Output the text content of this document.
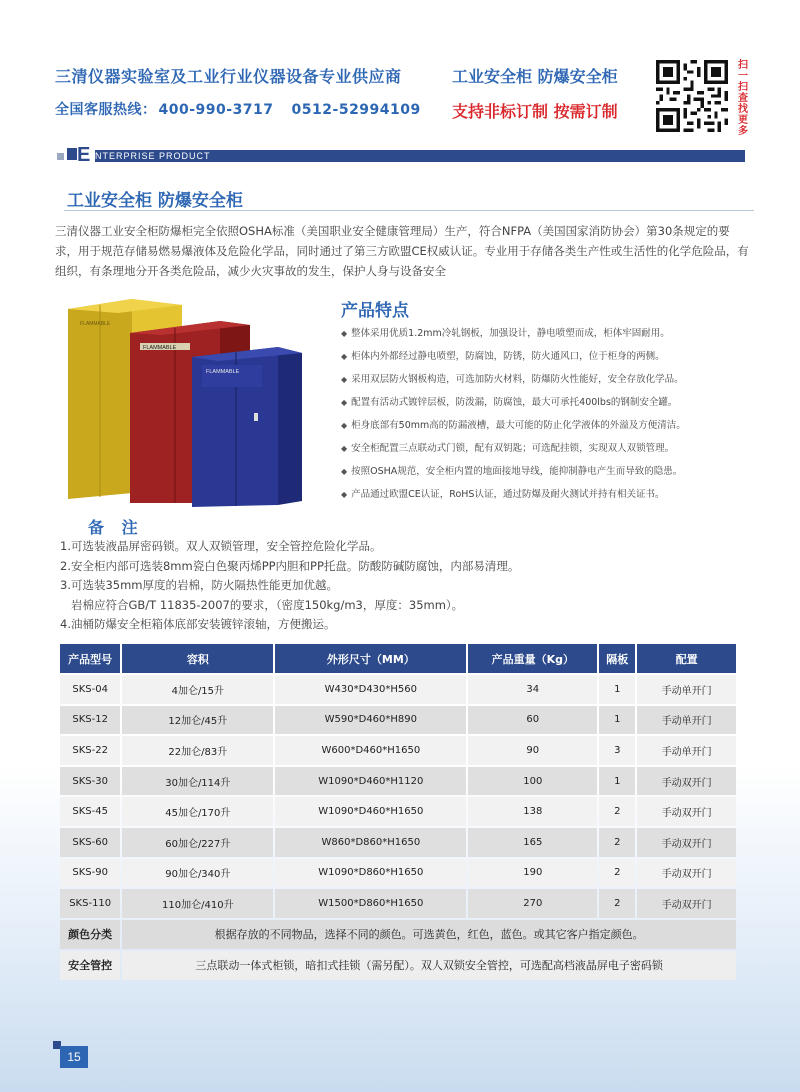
三清仪器实验室及工业行业仪器设备专业供应商
全国客服热线： 400-990-3717 0512-52994109
工业安全柜 防爆安全柜
支持非标订制 按需订制
扫一扫 查找更多
E NTERPRISE PRODUCT
工业安全柜 防爆安全柜
三清仪器工业安全柜防爆柜完全依照OSHA标准（美国职业安全健康管理局）生产，符合NFPA（美国国家消防协会）第30条规定的要求，用于规范存储易燃易爆液体及危险化学品，同时通过了第三方欧盟CE权威认证。专业用于存储各类生产性或生活性的化学危险品，有组织，有条理地分开各类危险品，减少火灾事故的发生，保护人身与设备安全
FLAMMABLE
FLAMMABLE
FLAMMABLE
产品特点
◆ 整体采用优质1.2mm冷轧钢板，加强设计，静电喷塑而成，柜体牢固耐用。
◆ 柜体内外都经过静电喷塑，防腐蚀，防锈，防火通风口，位于柜身的两侧。
◆ 采用双层防火钢板构造，可选加防火材料，防爆防火性能好，安全存放化学品。
◆ 配置有活动式镀锌层板，防泼漏，防腐蚀，最大可承托400lbs的钢制安全罐。
◆ 柜身底部有50mm高的防漏液槽，最大可能的防止化学液体的外溢及方便清洁。
◆ 安全柜配置三点联动式门锁，配有双钥匙；可选配挂锁，实现双人双锁管理。
◆ 按照OSHA规范，安全柜内置的地面接地导线，能抑制静电产生而导致的隐患。
◆ 产品通过欧盟CE认证，RoHS认证，通过防爆及耐火测试并持有相关证书。
备 注
1.可选装液晶屏密码锁。双人双锁管理，安全管控危险化学品。
2.安全柜内部可选装8mm瓷白色聚丙烯PP内胆和PP托盘。防酸防碱防腐蚀，内部易清理。
3.可选装35mm厚度的岩棉，防火隔热性能更加优越。
岩棉应符合GB/T 11835-2007的要求，（密度150kg/m3，厚度：35mm）。
4.油桶防爆安全柜箱体底部安装镀锌滚轴，方便搬运。
产品型号	容积	外形尺寸（MM）	产品重量（Kg）	隔板	配置
SKS-04	4加仑/15升	W430*D430*H560	34	1	手动单开门
SKS-12	12加仑/45升	W590*D460*H890	60	1	手动单开门
SKS-22	22加仑/83升	W600*D460*H1650	90	3	手动单开门
SKS-30	30加仑/114升	W1090*D460*H1120	100	1	手动双开门
SKS-45	45加仑/170升	W1090*D460*H1650	138	2	手动双开门
SKS-60	60加仑/227升	W860*D860*H1650	165	2	手动双开门
SKS-90	90加仑/340升	W1090*D860*H1650	190	2	手动双开门
SKS-110	110加仑/410升	W1500*D860*H1650	270	2	手动双开门
颜色分类	根据存放的不同物品，选择不同的颜色。可选黄色，红色，蓝色。或其它客户指定颜色。				
安全管控	三点联动一体式柜锁，暗扣式挂锁（需另配）。双人双锁安全管控，可选配高档液晶屏电子密码锁				
15
